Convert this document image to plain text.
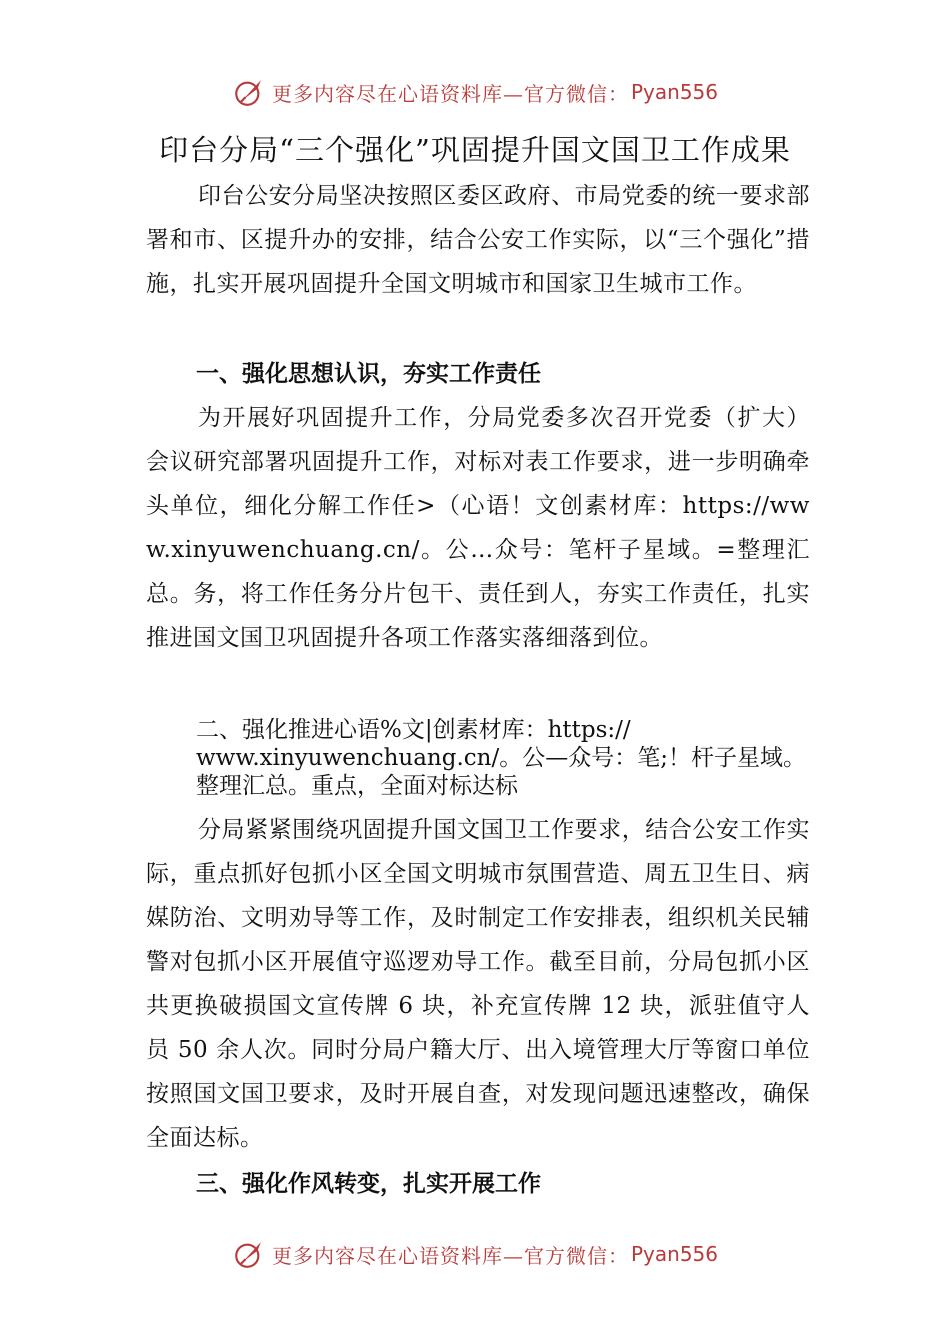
更多内容尽在心语资料库—官方微信： Pyan556
印台分局“三个强化”巩固提升国文国卫工作成果
印台公安分局坚决按照区委区政府、市局党委的统一要求部署和市、区提升办的安排，结合公安工作实际，以“三个强化”措施，扎实开展巩固提升全国文明城市和国家卫生城市工作。
一、强化思想认识，夯实工作责任
为开展好巩固提升工作，分局党委多次召开党委（扩大） 会议研究部署巩固提升工作，对标对表工作要求，进一步明确牵头单位，细化分解工作任>（心语！文创素材库：https://www.xinyuwenchuang.cn/。公…众号：笔杆子星域。=整理汇总。务，将工作任务分片包干、责任到人，夯实工作责任，扎实推进国文国卫巩固提升各项工作落实落细落到位。
二、强化推进心语%文|创素材库：https://
www.xinyuwenchuang.cn/。公—众号：笔;！杆子星域。
整理汇总。重点，全面对标达标
分局紧紧围绕巩固提升国文国卫工作要求，结合公安工作实际，重点抓好包抓小区全国文明城市氛围营造、周五卫生日、病媒防治、文明劝导等工作，及时制定工作安排表，组织机关民辅警对包抓小区开展值守巡逻劝导工作。截至目前，分局包抓小区共更换破损国文宣传牌 6 块，补充宣传牌 12 块，派驻值守人员 50 余人次。同时分局户籍大厅、出入境管理大厅等窗口单位按照国文国卫要求，及时开展自查，对发现问题迅速整改，确保全面达标。
三、强化作风转变，扎实开展工作
更多内容尽在心语资料库—官方微信： Pyan556
